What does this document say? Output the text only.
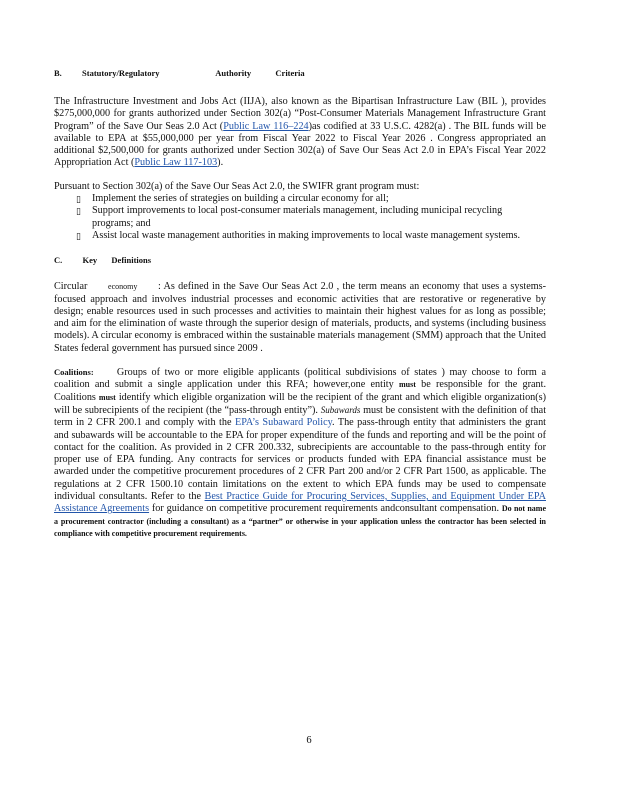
B. Statutory/Regulatory	Authority	Criteria

The Infrastructure Investment and Jobs Act (IIJA), also known as the Bipartisan Infrastructure Law (BIL ), provides $275,000,000 for grants authorized under Section 302(a) “Post-Consumer Materials Management Infrastructure Grant Program” of the Save Our Seas 2.0 Act (Public Law 116–224)as codified at 33 U.S.C. 4282(a) . The BIL funds will be available to EPA at $55,000,000 per year from Fiscal Year 2022 to Fiscal Year 2026 . Congress appropriated an additional $2,500,000 for grants authorized under Section 302(a) of Save Our Seas Act 2.0 in EPA’s Fiscal Year 2022 Appropriation Act (Public Law 117-103).

Pursuant to Section 302(a) of the Save Our Seas Act 2.0, the SWIFR grant program must:

▯ Implement the series of strategies on building a circular economy for all;
▯ Support improvements to local post-consumer materials management, including municipal recycling programs; and
▯ Assist local waste management authorities in making improvements to local waste management systems.
C. Key Definitions

Circular	economy : As defined in the Save Our Seas Act 2.0 , the term means an economy that uses a systems-focused approach and involves industrial processes and economic activities that are restorative or regenerative by design; enable resources used in such processes and activities to maintain their highest values for as long as possible; and aim for the elimination of waste through the superior design of materials, products, and systems (including business models). A circular economy is embraced within the sustainable materials management (SMM) approach that the United States federal government has pursued since 2009 .

Coalitions: Groups of two or more eligible applicants (political subdivisions of states ) may choose to form a coalition and submit a single application under this RFA; however,one entity must be responsible for the grant. Coalitions must identify which eligible organization will be the recipient of the grant and which eligible organization(s) will be subrecipients of the recipient (the “pass-through entity”). Subawards must be consistent with the definition of that term in 2 CFR 200.1 and comply with the EPA’s Subaward Policy. The pass-through entity that administers the grant and subawards will be accountable to the EPA for proper expenditure of the funds and reporting and will be the point of contact for the coalition. As provided in 2 CFR 200.332, subrecipients are accountable to the pass-through entity for proper use of EPA funding. Any contracts for services or products funded with EPA financial assistance must be awarded under the competitive procurement procedures of 2 CFR Part 200 and/or 2 CFR Part 1500, as applicable. The regulations at 2 CFR 1500.10 contain limitations on the extent to which EPA funds may be used to compensate individual consultants. Refer to the Best Practice Guide for Procuring Services, Supplies, and Equipment Under EPA Assistance Agreements for guidance on competitive procurement requirements andconsultant compensation. Do not name a procurement contractor (including a consultant) as a “partner” or otherwise in your application unless the contractor has been selected in compliance with competitive procurement requirements.

6
